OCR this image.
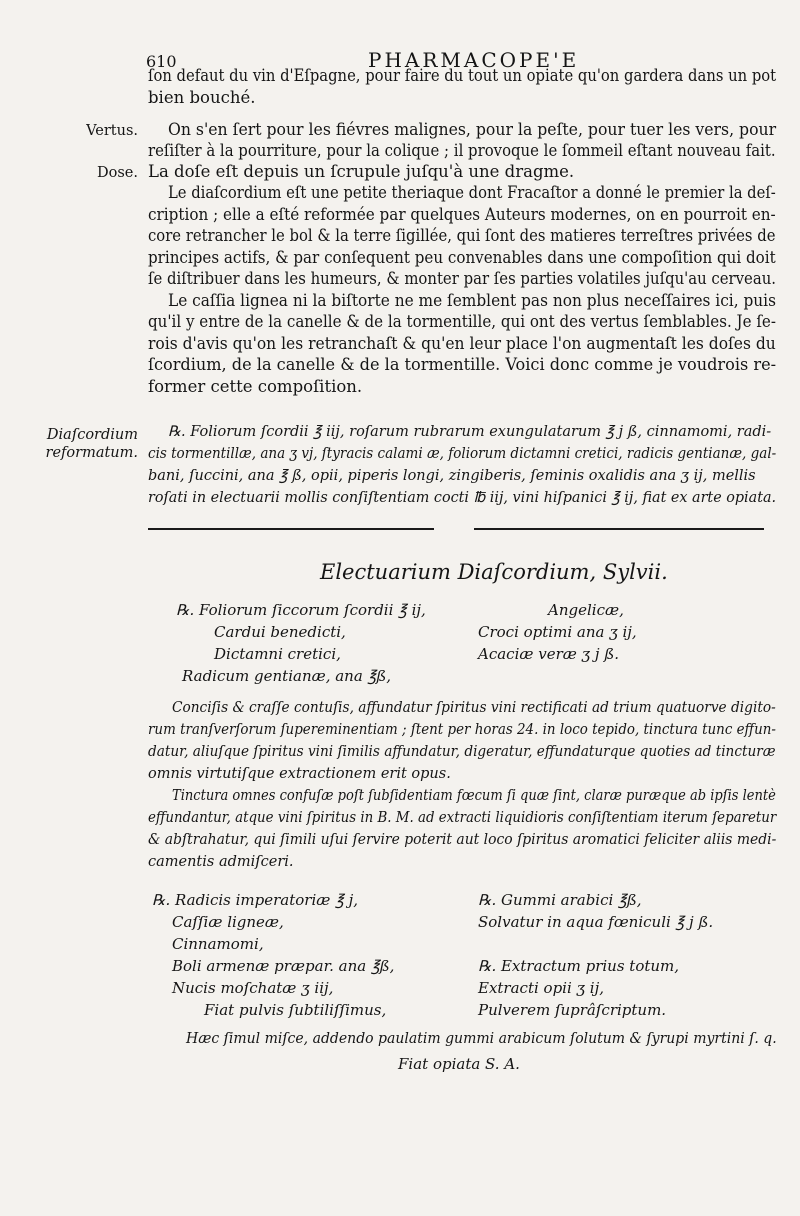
610	PHARMACOPE'E
Vertus.
Dose.
Diaſcordium
reformatum.
ſon defaut du vin d'Eſpagne, pour faire du tout un opiate qu'on gardera dans un pot
bien bouché.
On s'en ſert pour les fiévres malignes, pour la peſte, pour tuer les vers, pour
reſiſter à la pourriture, pour la colique ; il provoque le ſommeil eſtant nouveau fait.
La doſe eſt depuis un ſcrupule juſqu'à une dragme.
Le diaſcordium eſt une petite theriaque dont Fracaſtor a donné le premier la deſ-
cription ; elle a eſté reformée par quelques Auteurs modernes, on en pourroit en-
core retrancher le bol & la terre ſigillée, qui ſont des matieres terreſtres privées de
principes actifs, & par conſequent peu convenables dans une compoſition qui doit
ſe diſtribuer dans les humeurs, & monter par ſes parties volatiles juſqu'au cerveau.
Le caſſia lignea ni la biſtorte ne me ſemblent pas non plus neceſſaires ici, puis
qu'il y entre de la canelle & de la tormentille, qui ont des vertus ſemblables. Je ſe-
rois d'avis qu'on les retranchaſt & qu'en leur place l'on augmentaſt les doſes du
ſcordium, de la canelle & de la tormentille. Voici donc comme je voudrois re-
former cette compoſition.
℞. Foliorum ſcordii ℥ iij, roſarum rubrarum exungulatarum ℥ j ß, cinnamomi, radi-
cis tormentillæ, ana ʒ vj, ſtyracis calami æ, foliorum dictamni cretici, radicis gentianæ, gal-
bani, ſuccini, ana ℥ ß, opii, piperis longi, zingiberis, ſeminis oxalidis ana ʒ ij, mellis
roſati in electuarii mollis conſiſtentiam cocti ℔ iij, vini hiſpanici ℥ ij, fiat ex arte opiata.
Electuarium Diaſcordium, Sylvii.
℞. Foliorum ſiccorum ſcordii ℥ ij,
Cardui benedicti,
Dictamni cretici,
Radicum gentianæ, ana ℥ß,
Angelicæ,
Croci optimi ana ʒ ij,
Acaciæ veræ ʒ j ß.
Conciſis & craſſe contuſis, affundatur ſpiritus vini rectificati ad trium quatuorve digito-
rum tranſverſorum ſupereminentiam ; ſtent per horas 24. in loco tepido, tinctura tunc effun-
datur, aliuſque ſpiritus vini ſimilis affundatur, digeratur, effundaturque quoties ad tincturæ
omnis virtutiſque extractionem erit opus.
Tinctura omnes confuſæ poſt ſubſidentiam fœcum ſi quæ ſint, claræ puræque ab ipſis lentè
effundantur, atque vini ſpiritus in B. M. ad extracti liquidioris conſiſtentiam iterum ſeparetur
& abſtrahatur, qui ſimili uſui ſervire poterit aut loco ſpiritus aromatici feliciter aliis medi-
camentis admiſceri.
℞. Radicis imperatoriæ ℥ j,
Caſſiæ ligneæ,
Cinnamomi,
Boli armenæ præpar. ana ℥ß,
Nucis moſchatæ ʒ iij,
Fiat pulvis ſubtiliſſimus,
℞. Gummi arabici ℥ß,
Solvatur in aqua fœniculi ℥ j ß.
℞. Extractum prius totum,
Extracti opii ʒ ij,
Pulverem ſuprâſcriptum.
Hæc ſimul miſce, addendo paulatim gummi arabicum ſolutum & ſyrupi myrtini ſ. q.
Fiat opiata S. A.
